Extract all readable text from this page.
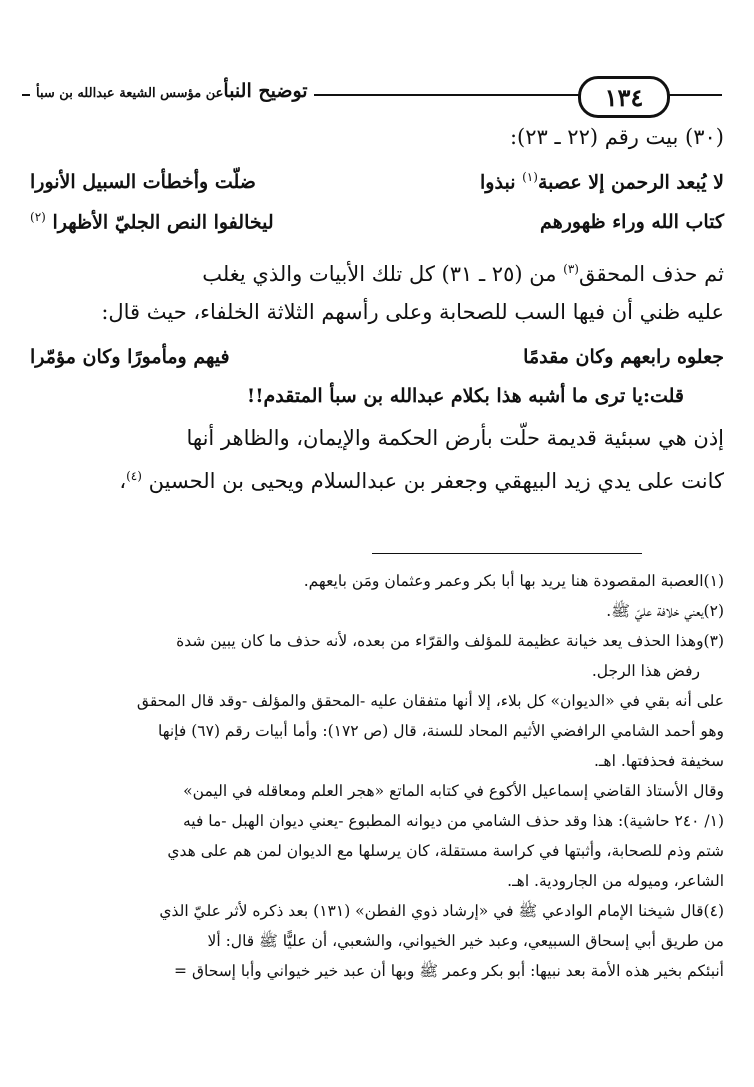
١٣٤
توضيح النبأعن مؤسس الشيعة عبدالله بن سبأ

(٣٠) بيت رقم (٢٢ ـ ٢٣):

لا يُبعد الرحمن إلا عصبة$^{(١)}$ نبذوا
ضلّت وأخطأت السبيل الأنورا
كتاب الله وراء ظهورهم
ليخالفوا النص الجليّ الأظهرا $^{(٢)}$

ثم حذف المحقق$^{(٣)}$ من (٢٥ ـ ٣١) كل تلك الأبيات والذي يغلب

عليه ظني أن فيها السب للصحابة وعلى رأسهم الثلاثة الخلفاء، حيث قال:

جعلوه رابعهم وكان مقدمًا
فيهم ومأمورًا وكان مؤمّرا

قلت:يا ترى ما أشبه هذا بكلام عبدالله بن سبأ المتقدم!!

إذن هي سبئية قديمة حلّت بأرض الحكمة والإيمان، والظاهر أنها

كانت على يدي زيد البيهقي وجعفر بن عبدالسلام ويحيى بن الحسين $^{(٤)}$،

(١)العصبة المقصودة هنا يريد بها أبا بكر وعمر وعثمان ومَن بايعهم.

(٢)يعني خلافة عليّ ﷺ.

(٣)وهذا الحذف يعد خيانة عظيمة للمؤلف والقرّاء من بعده، لأنه حذف ما كان يبين شدة

رفض هذا الرجل.

على أنه بقي في «الديوان» كل بلاء، إلا أنها متفقان عليه -المحقق والمؤلف -وقد قال المحقق

وهو أحمد الشامي الرافضي الأثيم المحاد للسنة، قال (ص ١٧٢): وأما أبيات رقم (٦٧) فإنها

سخيفة فحذفتها. اهـ.

وقال الأستاذ القاضي إسماعيل الأكوع في كتابه الماتع «هجر العلم ومعاقله في اليمن»

(١/ ٢٤٠ حاشية): هذا وقد حذف الشامي من ديوانه المطبوع -يعني ديوان الهبل -ما فيه

شتم وذم للصحابة، وأثبتها في كراسة مستقلة، كان يرسلها مع الديوان لمن هم على هدي

الشاعر، وميوله من الجارودية. اهـ.

(٤)قال شيخنا الإمام الوادعي ﷺ في «إرشاد ذوي الفطن» (١٣١) بعد ذكره لأثر عليّ الذي

من طريق أبي إسحاق السبيعي، وعبد خير الخيواني، والشعبي، أن عليًّا ﷺ قال: ألا

أنبئكم بخير هذه الأمة بعد نبيها: أبو بكر وعمر ﷺ وبها أن عبد خير خيواني وأبا إسحاق =
